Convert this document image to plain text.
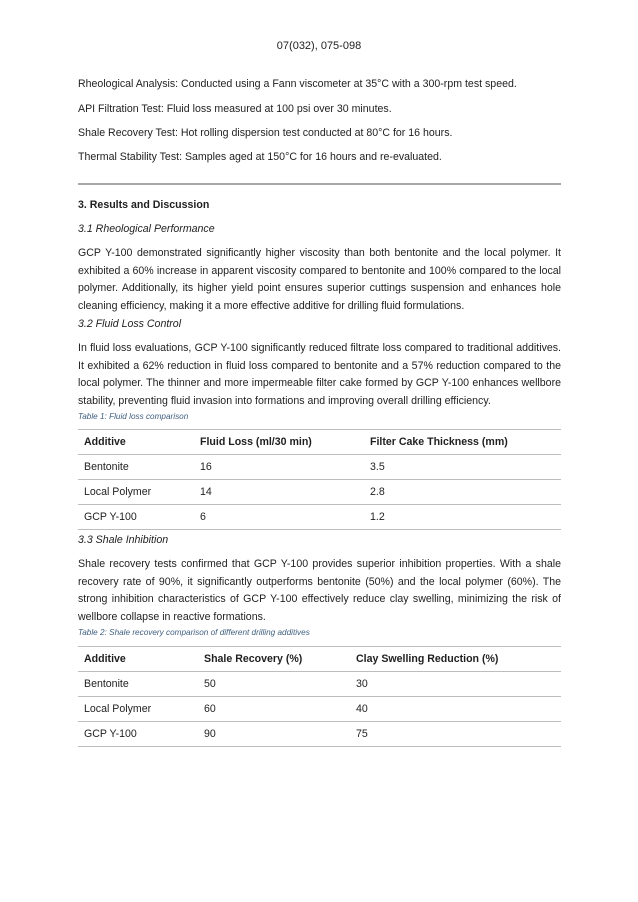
07(032), 075-098

Rheological Analysis: Conducted using a Fann viscometer at 35°C with a 300-rpm test speed.

API Filtration Test: Fluid loss measured at 100 psi over 30 minutes.

Shale Recovery Test: Hot rolling dispersion test conducted at 80°C for 16 hours.

Thermal Stability Test: Samples aged at 150°C for 16 hours and re-evaluated.

3. Results and Discussion

3.1 Rheological Performance

GCP Y-100 demonstrated significantly higher viscosity than both bentonite and the local polymer. It exhibited a 60% increase in apparent viscosity compared to bentonite and 100% compared to the local polymer. Additionally, its higher yield point ensures superior cuttings suspension and enhances hole cleaning efficiency, making it a more effective additive for drilling fluid formulations.

3.2 Fluid Loss Control

In fluid loss evaluations, GCP Y-100 significantly reduced filtrate loss compared to traditional additives. It exhibited a 62% reduction in fluid loss compared to bentonite and a 57% reduction compared to the local polymer. The thinner and more impermeable filter cake formed by GCP Y-100 enhances wellbore stability, preventing fluid invasion into formations and improving overall drilling efficiency.

Table 1: Fluid loss comparison
Additive	Fluid Loss (ml/30 min)	Filter Cake Thickness (mm)
Bentonite	16	3.5
Local Polymer	14	2.8
GCP Y-100	6	1.2

3.3 Shale Inhibition

Shale recovery tests confirmed that GCP Y-100 provides superior inhibition properties. With a shale recovery rate of 90%, it significantly outperforms bentonite (50%) and the local polymer (60%). The strong inhibition characteristics of GCP Y-100 effectively reduce clay swelling, minimizing the risk of wellbore collapse in reactive formations.

Table 2: Shale recovery comparison of different drilling additives
Additive	Shale Recovery (%)	Clay Swelling Reduction (%)
Bentonite	50	30
Local Polymer	60	40
GCP Y-100	90	75
